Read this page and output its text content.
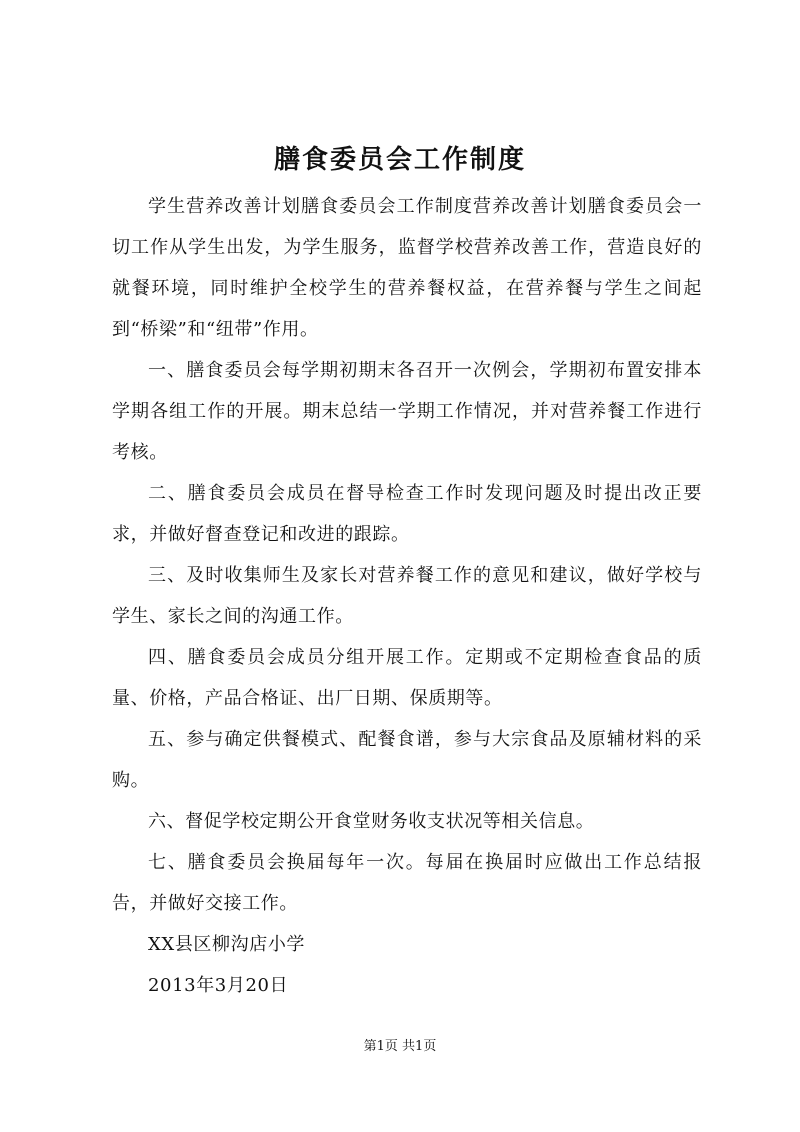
膳食委员会工作制度

学生营养改善计划膳食委员会工作制度营养改善计划膳食委员会一切工作从学生出发，为学生服务，监督学校营养改善工作，营造良好的就餐环境，同时维护全校学生的营养餐权益，在营养餐与学生之间起到“桥梁”和“纽带”作用。

一、膳食委员会每学期初期末各召开一次例会，学期初布置安排本学期各组工作的开展。期末总结一学期工作情况，并对营养餐工作进行考核。

二、膳食委员会成员在督导检查工作时发现问题及时提出改正要求，并做好督查登记和改进的跟踪。

三、及时收集师生及家长对营养餐工作的意见和建议，做好学校与学生、家长之间的沟通工作。

四、膳食委员会成员分组开展工作。定期或不定期检查食品的质量、价格，产品合格证、出厂日期、保质期等。

五、参与确定供餐模式、配餐食谱，参与大宗食品及原辅材料的采购。

六、督促学校定期公开食堂财务收支状况等相关信息。

七、膳食委员会换届每年一次。每届在换届时应做出工作总结报告，并做好交接工作。

XX县区柳沟店小学

2013年3月20日

第1页 共1页
